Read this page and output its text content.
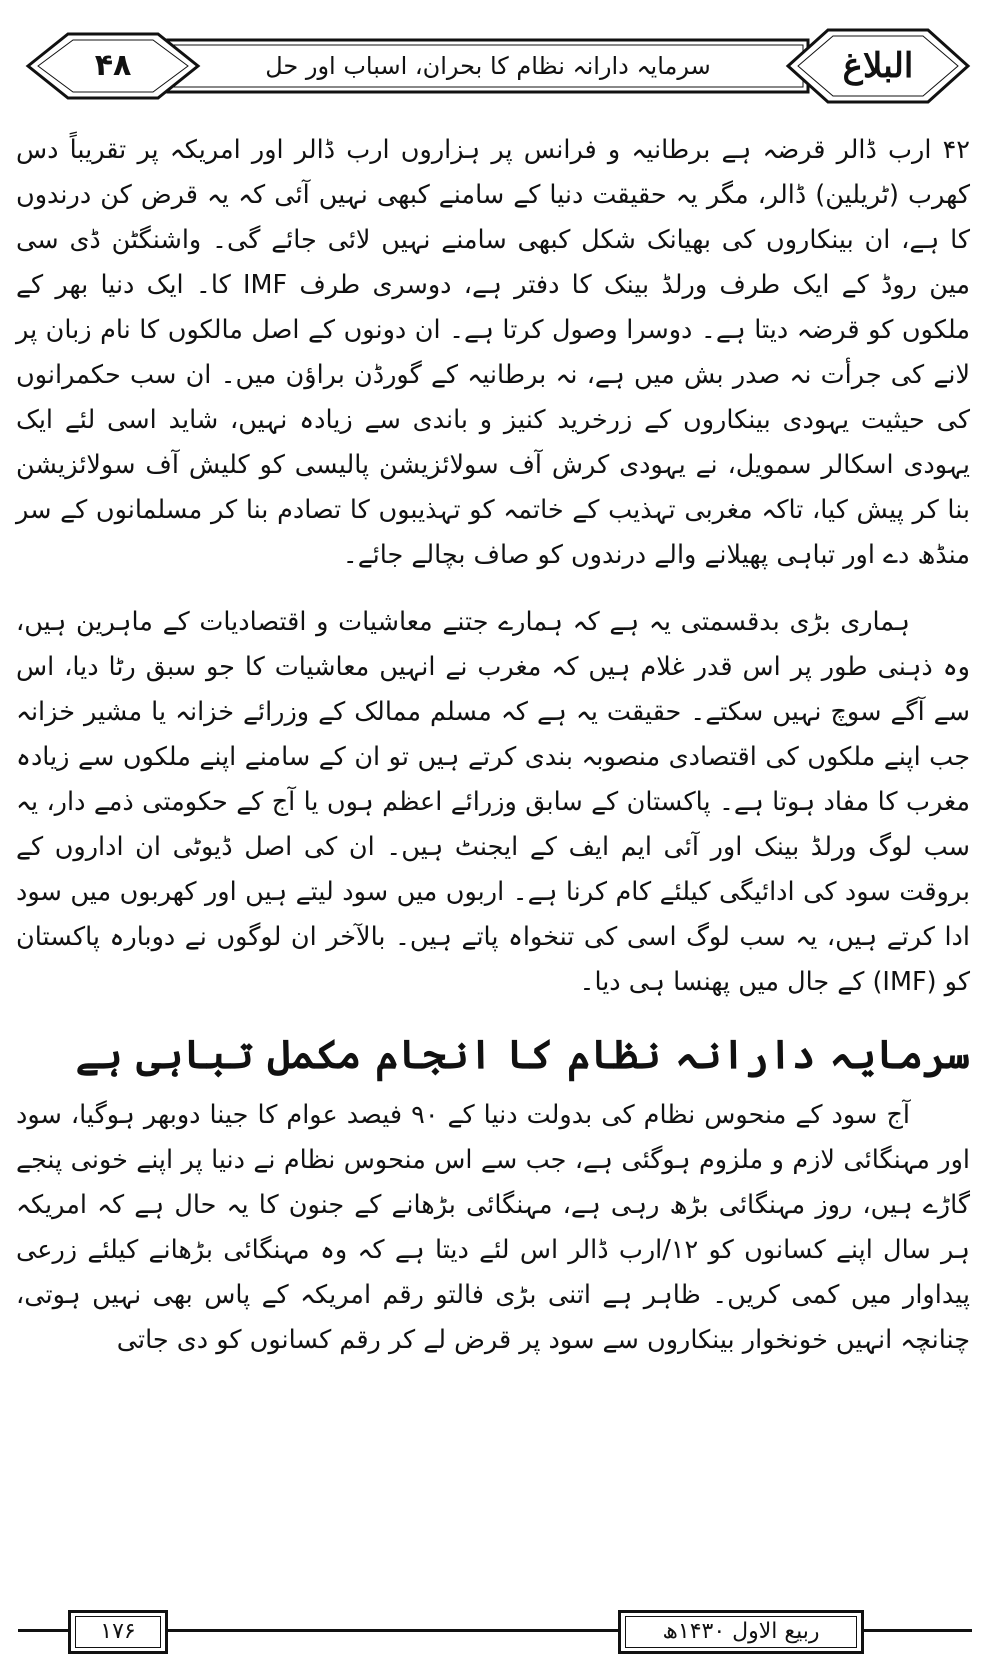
۴۸	سرمایہ دارانہ نظام کا بحران، اسباب اور حل	البلاغ

۴۲ ارب ڈالر قرضہ ہے برطانیہ و فرانس پر ہزاروں ارب ڈالر اور امریکہ پر تقریباً دس کھرب (ٹریلین) ڈالر، مگر یہ حقیقت دنیا کے سامنے کبھی نہیں آئی کہ یہ قرض کن درندوں کا ہے، ان بینکاروں کی بھیانک شکل کبھی سامنے نہیں لائی جائے گی۔ واشنگٹن ڈی سی مین روڈ کے ایک طرف ورلڈ بینک کا دفتر ہے، دوسری طرف IMF کا۔ ایک دنیا بھر کے ملکوں کو قرضہ دیتا ہے۔ دوسرا وصول کرتا ہے۔ ان دونوں کے اصل مالکوں کا نام زبان پر لانے کی جرأت نہ صدر بش میں ہے، نہ برطانیہ کے گورڈن براؤن میں۔ ان سب حکمرانوں کی حیثیت یہودی بینکاروں کے زرخرید کنیز و باندی سے زیادہ نہیں، شاید اسی لئے ایک یہودی اسکالر سمویل، نے یہودی کرش آف سولائزیشن پالیسی کو کلیش آف سولائزیشن بنا کر پیش کیا، تاکہ مغربی تہذیب کے خاتمہ کو تہذیبوں کا تصادم بنا کر مسلمانوں کے سر منڈھ دے اور تباہی پھیلانے والے درندوں کو صاف بچالے جائے۔

ہماری بڑی بدقسمتی یہ ہے کہ ہمارے جتنے معاشیات و اقتصادیات کے ماہرین ہیں، وہ ذہنی طور پر اس قدر غلام ہیں کہ مغرب نے انہیں معاشیات کا جو سبق رٹا دیا، اس سے آگے سوچ نہیں سکتے۔ حقیقت یہ ہے کہ مسلم ممالک کے وزرائے خزانہ یا مشیر خزانہ جب اپنے ملکوں کی اقتصادی منصوبہ بندی کرتے ہیں تو ان کے سامنے اپنے ملکوں سے زیادہ مغرب کا مفاد ہوتا ہے۔ پاکستان کے سابق وزرائے اعظم ہوں یا آج کے حکومتی ذمے دار، یہ سب لوگ ورلڈ بینک اور آئی ایم ایف کے ایجنٹ ہیں۔ ان کی اصل ڈیوٹی ان اداروں کے بروقت سود کی ادائیگی کیلئے کام کرنا ہے۔ اربوں میں سود لیتے ہیں اور کھربوں میں سود ادا کرتے ہیں، یہ سب لوگ اسی کی تنخواہ پاتے ہیں۔ بالآخر ان لوگوں نے دوبارہ پاکستان کو (IMF) کے جال میں پھنسا ہی دیا۔

سرمایہ دارانہ نظام کا انجام مکمل تباہی ہے

آج سود کے منحوس نظام کی بدولت دنیا کے ۹۰ فیصد عوام کا جینا دوبھر ہوگیا، سود اور مہنگائی لازم و ملزوم ہوگئی ہے، جب سے اس منحوس نظام نے دنیا پر اپنے خونی پنجے گاڑے ہیں، روز مہنگائی بڑھ رہی ہے، مہنگائی بڑھانے کے جنون کا یہ حال ہے کہ امریکہ ہر سال اپنے کسانوں کو ۱۲/ارب ڈالر اس لئے دیتا ہے کہ وہ مہنگائی بڑھانے کیلئے زرعی پیداوار میں کمی کریں۔ ظاہر ہے اتنی بڑی فالتو رقم امریکہ کے پاس بھی نہیں ہوتی، چنانچہ انہیں خونخوار بینکاروں سے سود پر قرض لے کر رقم کسانوں کو دی جاتی

۱۷۶	ربیع الاول ۱۴۳۰ھ
